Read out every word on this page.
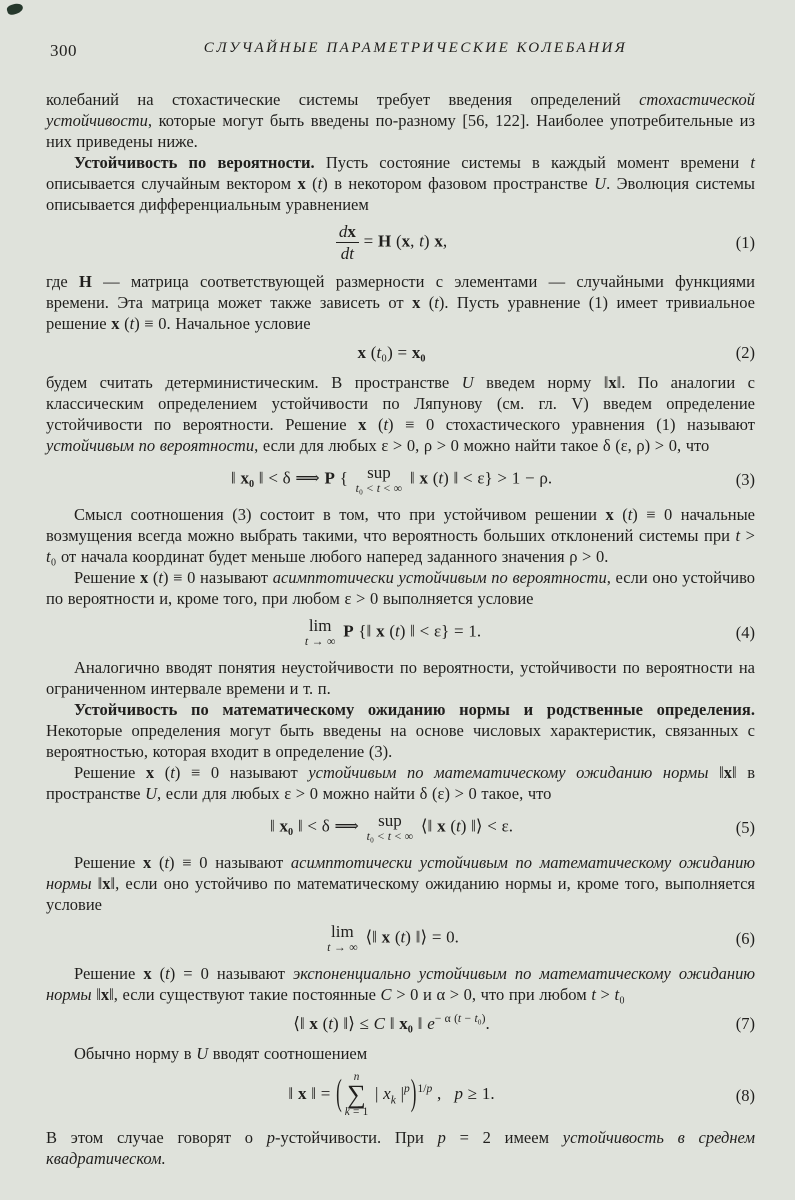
300	СЛУЧАЙНЫЕ ПАРАМЕТРИЧЕСКИЕ КОЛЕБАНИЯ

колебаний на стохастические системы требует введения определений стохастической устойчивости, которые могут быть введены по-разному [56, 122]. Наиболее употребительные из них приведены ниже.

Устойчивость по вероятности. Пусть состояние системы в каждый момент времени t описывается случайным вектором x (t) в некотором фазовом пространстве U. Эволюция системы описывается дифференциальным уравнением

$\frac{dx}{dt} = H$ (x, t) x,	(1)

где H — матрица соответствующей размерности с элементами — случайными функциями времени. Эта матрица может также зависеть от x (t). Пусть уравнение (1) имеет тривиальное решение x (t) ≡ 0. Начальное условие

x (t₀) = x₀	(2)

будем считать детерминистическим. В пространстве U введем норму ‖x‖. По аналогии с классическим определением устойчивости по Ляпунову (см. гл. V) введем определение устойчивости по вероятности. Решение x (t) ≡ 0 стохастического уравнения (1) называют устойчивым по вероятности, если для любых ε > 0, ρ > 0 можно найти такое δ (ε, ρ) > 0, что

‖ x₀ ‖ < δ ⟹ P { sup
t₀ < t < ∞
‖ x (t) ‖ < ε} > 1 − ρ.	(3)

Смысл соотношения (3) состоит в том, что при устойчивом решении x (t) ≡ 0 начальные возмущения всегда можно выбрать такими, что вероятность больших отклонений системы при t > t₀ от начала координат будет меньше любого наперед заданного значения ρ > 0.

Решение x (t) ≡ 0 называют асимптотически устойчивым по вероятности, если оно устойчиво по вероятности и, кроме того, при любом ε > 0 выполняется условие

lim
t → ∞
P {‖ x (t) ‖ < ε} = 1.	(4)

Аналогично вводят понятия неустойчивости по вероятности, устойчивости по вероятности на ограниченном интервале времени и т. п.

Устойчивость по математическому ожиданию нормы и родственные определения. Некоторые определения могут быть введены на основе числовых характеристик, связанных с вероятностью, которая входит в определение (3).

Решение x (t) ≡ 0 называют устойчивым по математическому ожиданию нормы ‖x‖ в пространстве U, если для любых ε > 0 можно найти δ (ε) > 0 такое, что

‖ x₀ ‖ < δ ⟹ sup
t₀ < t < ∞
⟨‖ x (t) ‖⟩ < ε.	(5)

Решение x (t) ≡ 0 называют асимптотически устойчивым по математическому ожиданию нормы ‖x‖, если оно устойчиво по математическому ожиданию нормы и, кроме того, выполняется условие

lim
t → ∞
⟨‖ x (t) ‖⟩ = 0.	(6)

Решение x (t) = 0 называют экспоненциально устойчивым по математическому ожиданию нормы ‖x‖, если существуют такие постоянные C > 0 и α > 0, что при любом t > t₀

⟨‖ x (t) ‖⟩ ≤ C ‖ x₀ ‖ $e^{- \alpha (t - t_0)}$.	(7)

Обычно норму в U вводят соотношением

‖ x ‖ = ( n
∑
k = 1
| $x_k$ $|^p)^{1/p}$ ,  p ≥ 1.	(8)

В этом случае говорят о p-устойчивости. При p = 2 имеем устойчивость в среднем квадратическом.
